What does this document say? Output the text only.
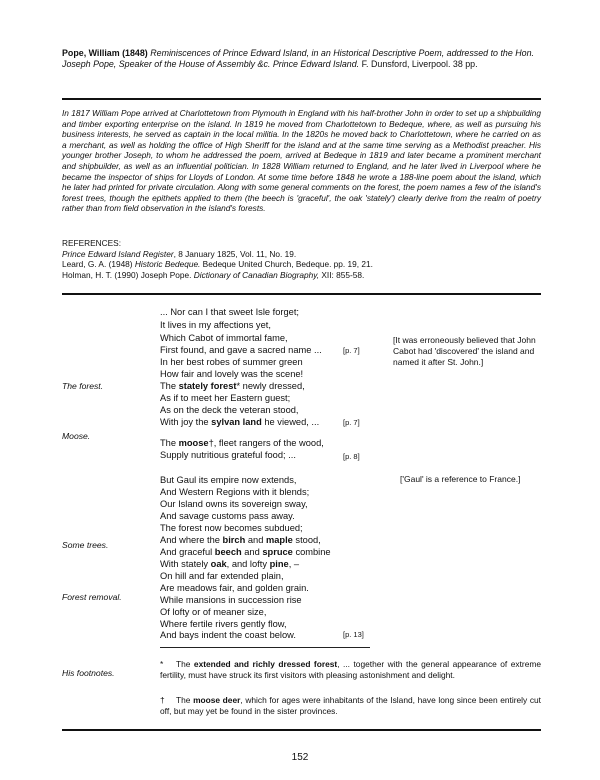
Pope, William (1848) Reminiscences of Prince Edward Island, in an Historical Descriptive Poem, addressed to the Hon. Joseph Pope, Speaker of the House of Assembly &c. Prince Edward Island. F. Dunsford, Liverpool. 38 pp.
In 1817 William Pope arrived at Charlottetown from Plymouth in England with his half-brother John in order to set up a shipbuilding and timber exporting enterprise on the island. In 1819 he moved from Charlottetown to Bedeque, where, as well as pursuing his business interests, he served as captain in the local militia. In the 1820s he moved back to Charlottetown, where he carried on as a merchant, as well as holding the office of High Sheriff for the island and at the same time serving as a Methodist preacher. His younger brother Joseph, to whom he addressed the poem, arrived at Bedeque in 1819 and later became a prominent merchant and shipbuilder, as well as an influential politician. In 1828 William returned to England, and he later lived in Liverpool where he became the inspector of ships for Lloyds of London. At some time before 1848 he wrote a 188-line poem about the island, which he later had printed for private circulation. Along with some general comments on the forest, the poem names a few of the island's forest trees, though the epithets applied to them (the beech is 'graceful', the oak 'stately') clearly derive from the realm of poetry rather than from field observation in the island's forests.
REFERENCES:
Prince Edward Island Register, 8 January 1825, Vol. 11, No. 19.
Leard, G. A. (1948) Historic Bedeque. Bedeque United Church, Bedeque. pp. 19, 21.
Holman, H. T. (1990) Joseph Pope. Dictionary of Canadian Biography, XII: 855-58.
... Nor can I that sweet Isle forget;
It lives in my affections yet,
Which Cabot of immortal fame,
First found, and gave a sacred name ...
In her best robes of summer green
How fair and lovely was the scene!
The stately forest* newly dressed,
As if to meet her Eastern guest;
As on the deck the veteran stood,
With joy the sylvan land he viewed, ...
The moose†, fleet rangers of the wood,
Supply nutritious grateful food; ...
But Gaul its empire now extends,
And Western Regions with it blends;
Our Island owns its sovereign sway,
And savage customs pass away.
The forest now becomes subdued;
And where the birch and maple stood,
And graceful beech and spruce combine
With stately oak, and lofty pine, –
On hill and far extended plain,
Are meadows fair, and golden grain.
While mansions in succession rise
Of lofty or of meaner size,
Where fertile rivers gently flow,
And bays indent the coast below.
[p. 7]
[p. 7]
[p. 8]
[p. 13]
The forest.
Moose.
Some trees.
Forest removal.
His footnotes.
[It was erroneously believed that John Cabot had 'discovered' the island and named it after St. John.]
['Gaul' is a reference to France.]
* The extended and richly dressed forest, ... together with the general appearance of extreme fertility, must have struck its first visitors with pleasing astonishment and delight.
† The moose deer, which for ages were inhabitants of the Island, have long since been entirely cut off, but may yet be found in the sister provinces.
152
